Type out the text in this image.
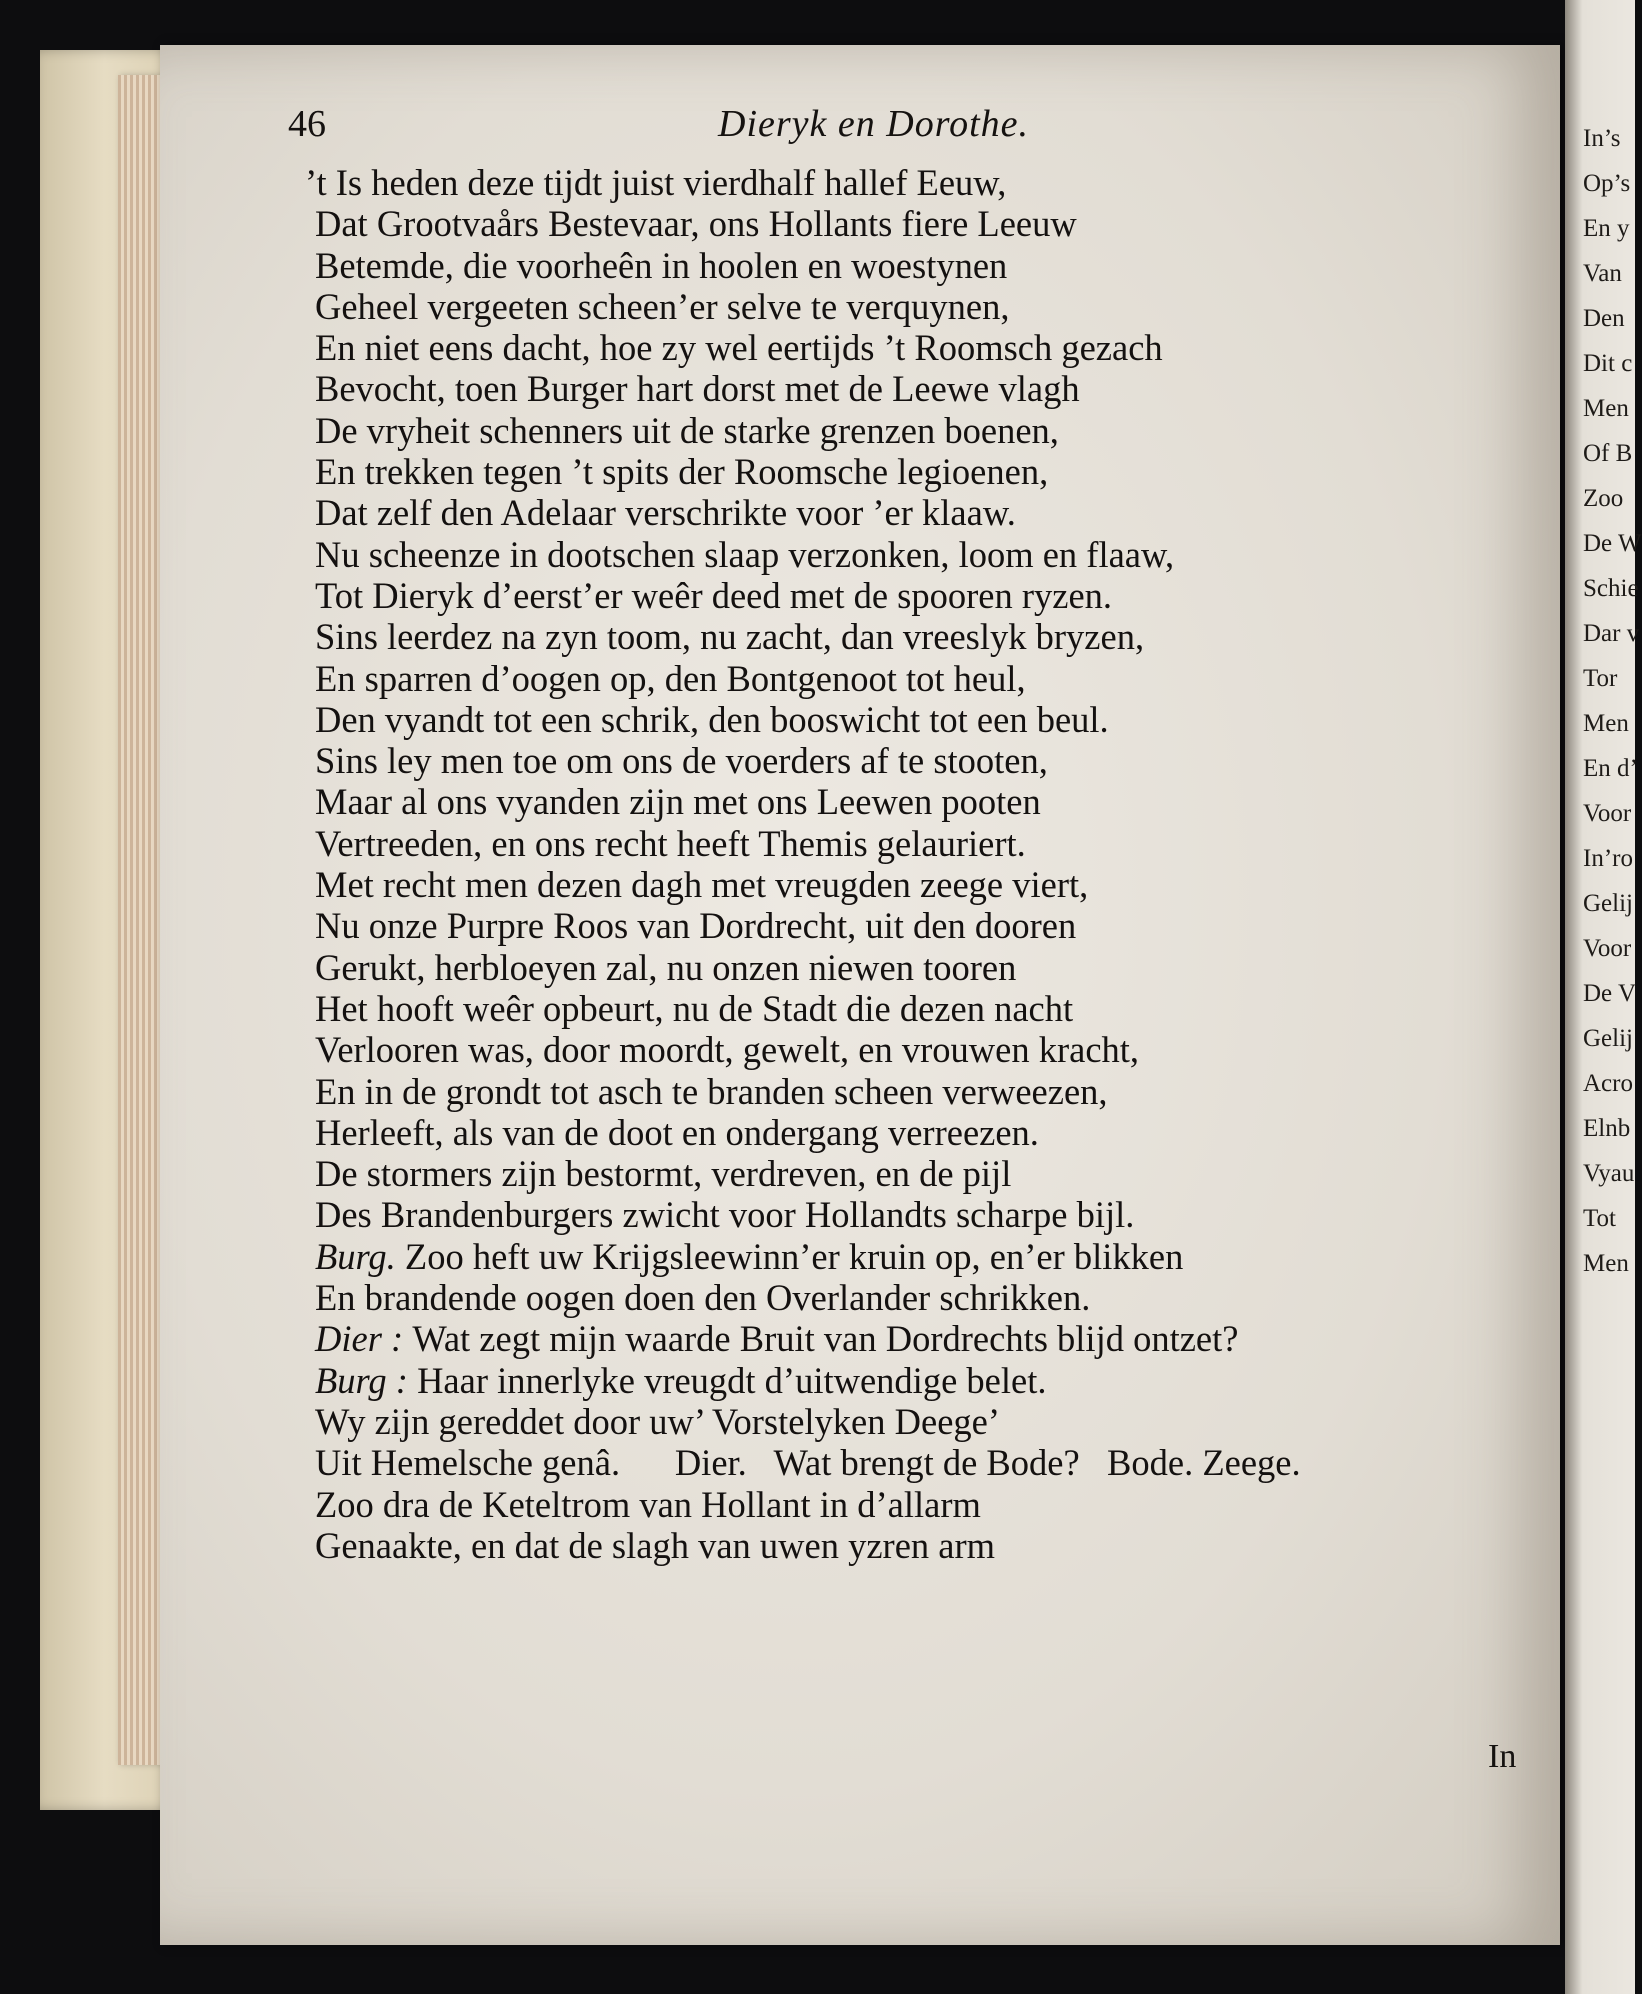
In’s
Op’s
En y
Van
Den
Dit c
Men
Of B
Zoo
De W
Schie
Dar v
Tor
Men
En d’
Voor
In’ro
Gelij
Voor
De V
Gelij
Acro
Elnb
Vyau
Tot
Men
46	Dieryk en Dorothe.
’t Is heden deze tijdt juist vierdhalf hallef Eeuw,
Dat Grootvaårs Bestevaar, ons Hollants fiere Leeuw
Betemde, die voorheên in hoolen en woestynen
Geheel vergeeten scheen’er selve te verquynen,
En niet eens dacht, hoe zy wel eertijds ’t Roomsch gezach
Bevocht, toen Burger hart dorst met de Leewe vlagh
De vryheit schenners uit de starke grenzen boenen,
En trekken tegen ’t spits der Roomsche legioenen,
Dat zelf den Adelaar verschrikte voor ’er klaaw.
Nu scheenze in dootschen slaap verzonken, loom en flaaw,
Tot Dieryk d’eerst’er weêr deed met de spooren ryzen.
Sins leerdez na zyn toom, nu zacht, dan vreeslyk bryzen,
En sparren d’oogen op, den Bontgenoot tot heul,
Den vyandt tot een schrik, den booswicht tot een beul.
Sins ley men toe om ons de voerders af te stooten,
Maar al ons vyanden zijn met ons Leewen pooten
Vertreeden, en ons recht heeft Themis gelauriert.
Met recht men dezen dagh met vreugden zeege viert,
Nu onze Purpre Roos van Dordrecht, uit den dooren
Gerukt, herbloeyen zal, nu onzen niewen tooren
Het hooft weêr opbeurt, nu de Stadt die dezen nacht
Verlooren was, door moordt, gewelt, en vrouwen kracht,
En in de grondt tot asch te branden scheen verweezen,
Herleeft, als van de doot en ondergang verreezen.
De stormers zijn bestormt, verdreven, en de pijl
Des Brandenburgers zwicht voor Hollandts scharpe bijl.
Burg. Zoo heft uw Krijgsleewinn’er kruin op, en’er blikken
En brandende oogen doen den Overlander schrikken.
Dier : Wat zegt mijn waarde Bruit van Dordrechts blijd ontzet?
Burg : Haar innerlyke vreugdt d’uitwendige belet.
Wy zijn gereddet door uw’ Vorstelyken Deege’
Uit Hemelsche genâ.      Dier.   Wat brengt de Bode?   Bode. Zeege.
Zoo dra de Keteltrom van Hollant in d’allarm
Genaakte, en dat de slagh van uwen yzren arm
In
